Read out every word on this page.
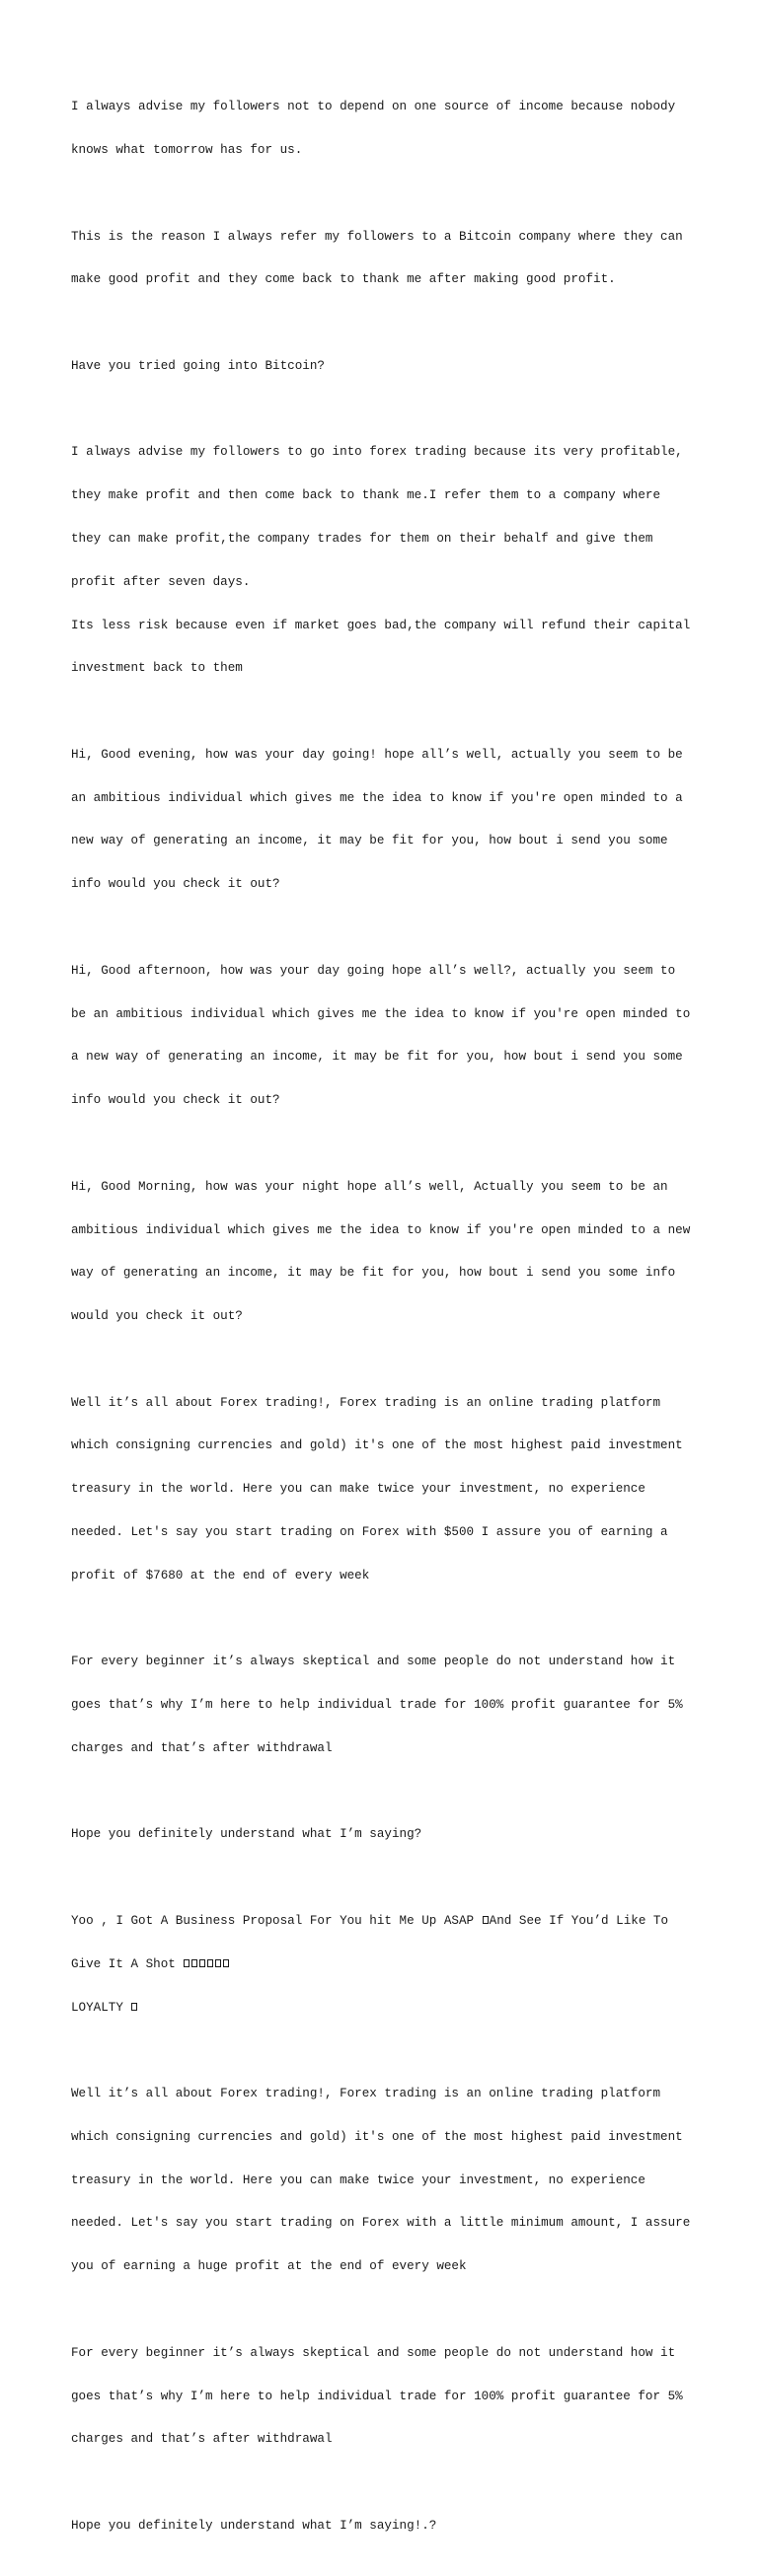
I always advise my followers not to depend on one source of income because nobody

knows what tomorrow has for us.

This is the reason I always refer my followers to a Bitcoin company where they can

make good profit and they come back to thank me after making good profit.

Have you tried going into Bitcoin?

I always advise my followers to go into forex trading because its very profitable,

they make profit and then come back to thank me.I refer them to a company where

they can make profit,the company trades for them on their behalf and give them

profit after seven days.

Its less risk because even if market goes bad,the company will refund their capital

investment back to them

Hi, Good evening, how was your day going! hope all’s well, actually you seem to be

an ambitious individual which gives me the idea to know if you're open minded to a

new way of generating an income, it may be fit for you, how bout i send you some

info would you check it out?

Hi, Good afternoon, how was your day going hope all’s well?, actually you seem to

be an ambitious individual which gives me the idea to know if you're open minded to

a new way of generating an income, it may be fit for you, how bout i send you some

info would you check it out?

Hi, Good Morning, how was your night hope all’s well, Actually you seem to be an

ambitious individual which gives me the idea to know if you're open minded to a new

way of generating an income, it may be fit for you, how bout i send you some info

would you check it out?

Well it’s all about Forex trading!, Forex trading is an online trading platform

which consigning currencies and gold) it's one of the most highest paid investment

treasury in the world. Here you can make twice your investment, no experience

needed. Let's say you start trading on Forex with $500 I assure you of earning a

profit of $7680 at the end of every week

For every beginner it’s always skeptical and some people do not understand how it

goes that’s why I’m here to help individual trade for 100% profit guarantee for 5%

charges and that’s after withdrawal

Hope you definitely understand what I’m saying?

Yoo , I Got A Business Proposal For You hit Me Up ASAP And See If You’d Like To

Give It A Shot

LOYALTY

Well it’s all about Forex trading!, Forex trading is an online trading platform

which consigning currencies and gold) it's one of the most highest paid investment

treasury in the world. Here you can make twice your investment, no experience

needed. Let's say you start trading on Forex with a little minimum amount, I assure

you of earning a huge profit at the end of every week

For every beginner it’s always skeptical and some people do not understand how it

goes that’s why I’m here to help individual trade for 100% profit guarantee for 5%

charges and that’s after withdrawal

Hope you definitely understand what I’m saying!.?
